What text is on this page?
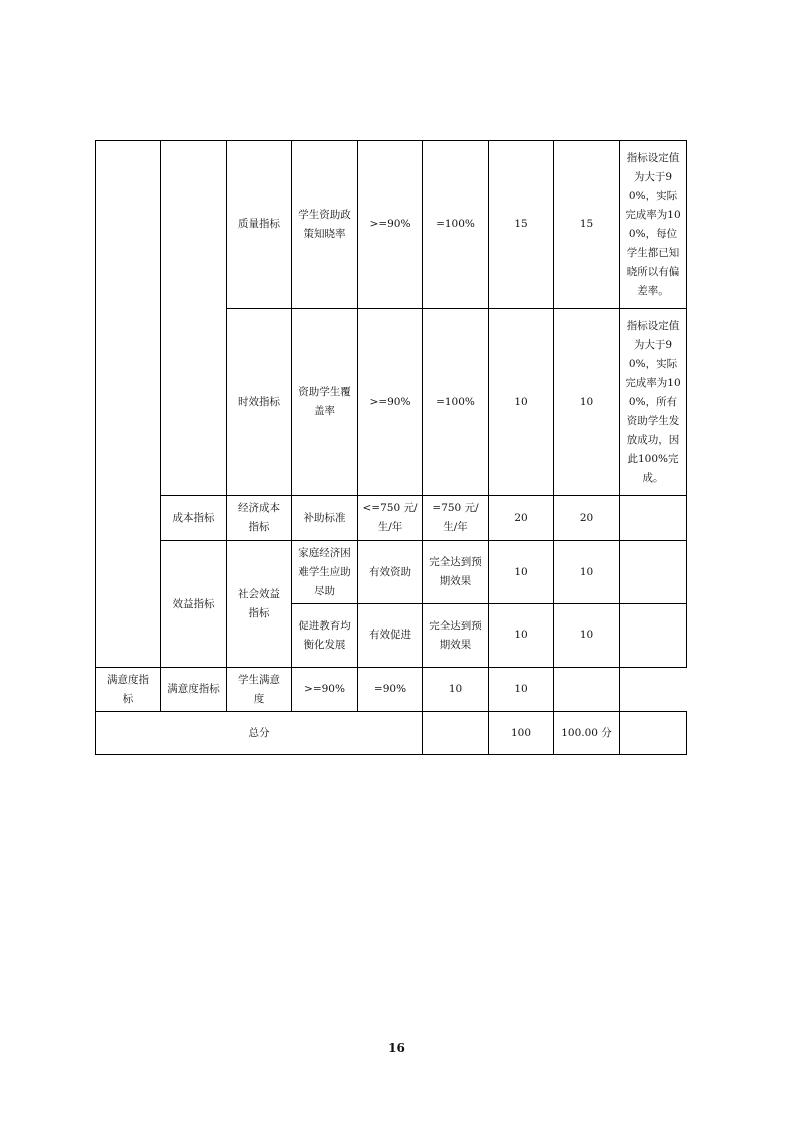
		质量指标	学生资助政策知晓率	>=90%	=100%	15	15	指标设定值为大于90%，实际完成率为100%，每位学生都已知晓所以有偏差率。
		时效指标	资助学生覆盖率	>=90%	=100%	10	10	指标设定值为大于90%，实际完成率为100%，所有资助学生发放成功，因此100%完成。
	成本指标	经济成本指标	补助标准	<=750 元/生/年	=750 元/生/年	20	20	
	效益指标	社会效益指标	家庭经济困难学生应助尽助	有效资助	完全达到预期效果	10	10	
			促进教育均衡化发展	有效促进	完全达到预期效果	10	10	
满意度指标	满意度指标	学生满意度	>=90%	=90%	10	10		
总分						100	100.00 分	
16
